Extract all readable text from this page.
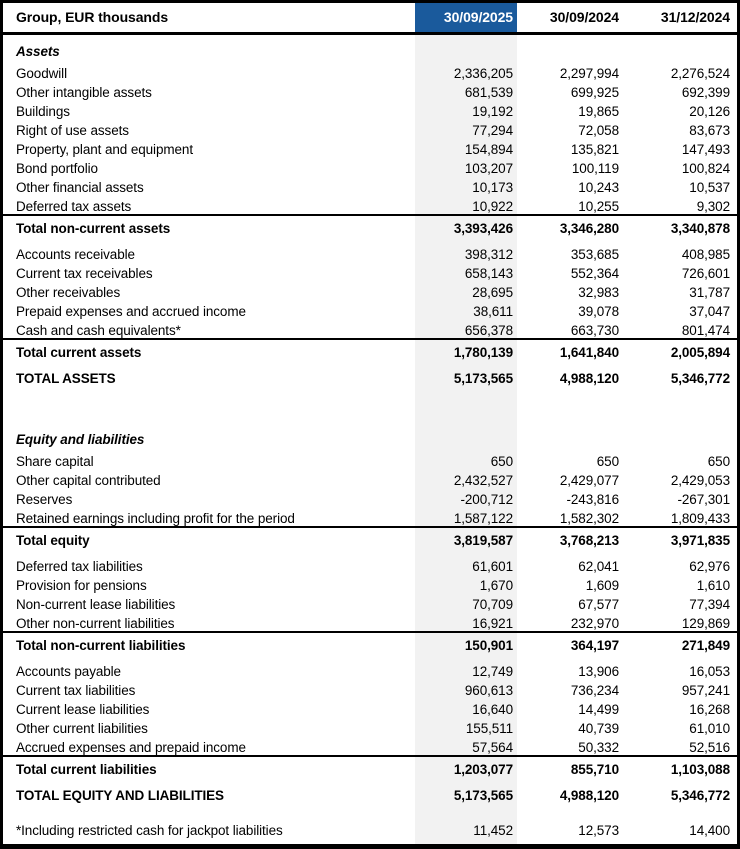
Group, EUR thousands	30/09/2025	30/09/2024	31/12/2024
Assets			
Goodwill	2,336,205	2,297,994	2,276,524
Other intangible assets	681,539	699,925	692,399
Buildings	19,192	19,865	20,126
Right of use assets	77,294	72,058	83,673
Property, plant and equipment	154,894	135,821	147,493
Bond portfolio	103,207	100,119	100,824
Other financial assets	10,173	10,243	10,537
Deferred tax assets	10,922	10,255	9,302
Total non-current assets	3,393,426	3,346,280	3,340,878

Accounts receivable	398,312	353,685	408,985
Current tax receivables	658,143	552,364	726,601
Other receivables	28,695	32,983	31,787
Prepaid expenses and accrued income	38,611	39,078	37,047
Cash and cash equivalents*	656,378	663,730	801,474
Total current assets	1,780,139	1,641,840	2,005,894
TOTAL ASSETS	5,173,565	4,988,120	5,346,772

Equity and liabilities			
Share capital	650	650	650
Other capital contributed	2,432,527	2,429,077	2,429,053
Reserves	-200,712	-243,816	-267,301
Retained earnings including profit for the period	1,587,122	1,582,302	1,809,433
Total equity	3,819,587	3,768,213	3,971,835

Deferred tax liabilities	61,601	62,041	62,976
Provision for pensions	1,670	1,609	1,610
Non-current lease liabilities	70,709	67,577	77,394
Other non-current liabilities	16,921	232,970	129,869
Total non-current liabilities	150,901	364,197	271,849

Accounts payable	12,749	13,906	16,053
Current tax liabilities	960,613	736,234	957,241
Current lease liabilities	16,640	14,499	16,268
Other current liabilities	155,511	40,739	61,010
Accrued expenses and prepaid income	57,564	50,332	52,516
Total current liabilities	1,203,077	855,710	1,103,088
TOTAL EQUITY AND LIABILITIES	5,173,565	4,988,120	5,346,772

*Including restricted cash for jackpot liabilities	11,452	12,573	14,400
